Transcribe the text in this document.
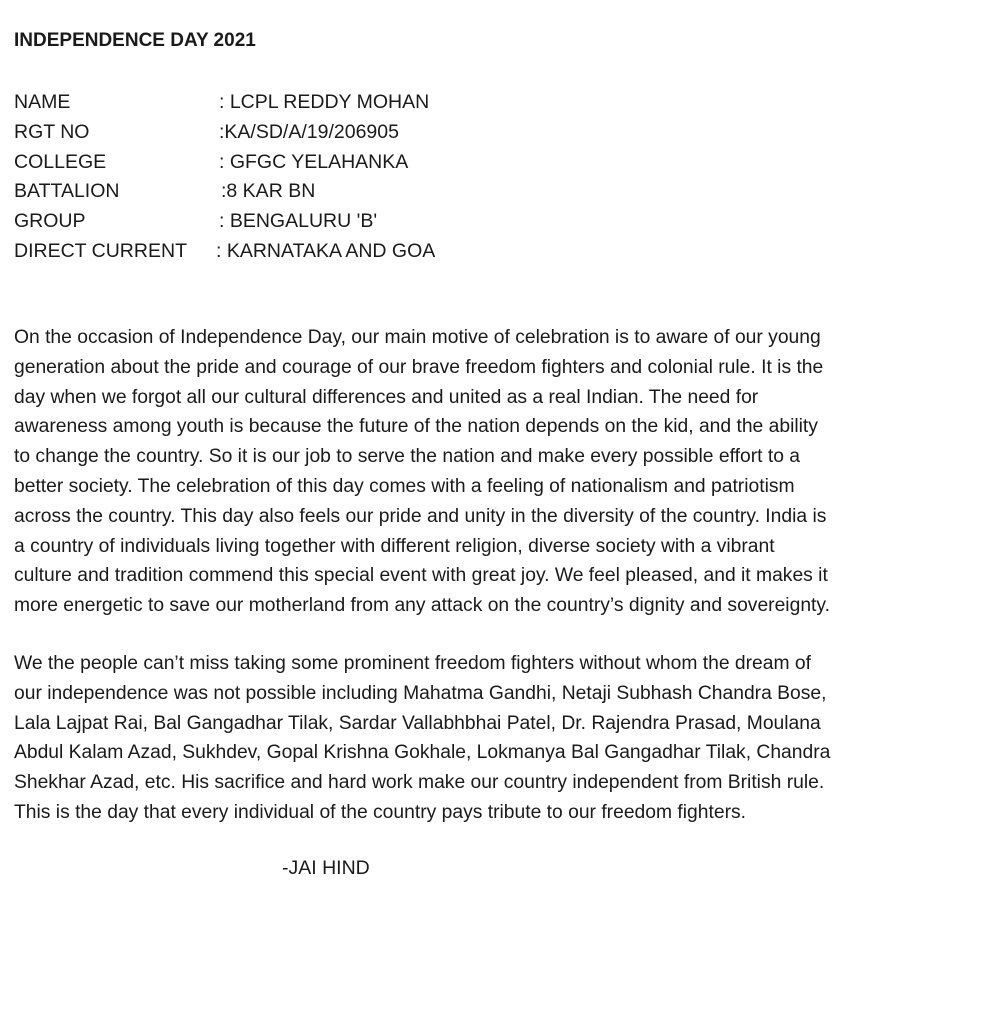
INDEPENDENCE DAY 2021
NAME	: LCPL REDDY MOHAN
RGT NO	:KA/SD/A/19/206905
COLLEGE	: GFGC YELAHANKA
BATTALION	:8 KAR BN
GROUP	: BENGALURU 'B'
DIRECT CURRENT : KARNATAKA AND GOA
On the occasion of Independence Day, our main motive of celebration is to aware of our young
generation about the pride and courage of our brave freedom fighters and colonial rule. It is the
day when we forgot all our cultural differences and united as a real Indian. The need for
awareness among youth is because the future of the nation depends on the kid, and the ability
to change the country. So it is our job to serve the nation and make every possible effort to a
better society. The celebration of this day comes with a feeling of nationalism and patriotism
across the country. This day also feels our pride and unity in the diversity of the country. India is
a country of individuals living together with different religion, diverse society with a vibrant
culture and tradition commend this special event with great joy. We feel pleased, and it makes it
more energetic to save our motherland from any attack on the country’s dignity and sovereignty.
We the people can’t miss taking some prominent freedom fighters without whom the dream of
our independence was not possible including Mahatma Gandhi, Netaji Subhash Chandra Bose,
Lala Lajpat Rai, Bal Gangadhar Tilak, Sardar Vallabhbhai Patel, Dr. Rajendra Prasad, Moulana
Abdul Kalam Azad, Sukhdev, Gopal Krishna Gokhale, Lokmanya Bal Gangadhar Tilak, Chandra
Shekhar Azad, etc. His sacrifice and hard work make our country independent from British rule.
This is the day that every individual of the country pays tribute to our freedom fighters.
-JAI HIND
